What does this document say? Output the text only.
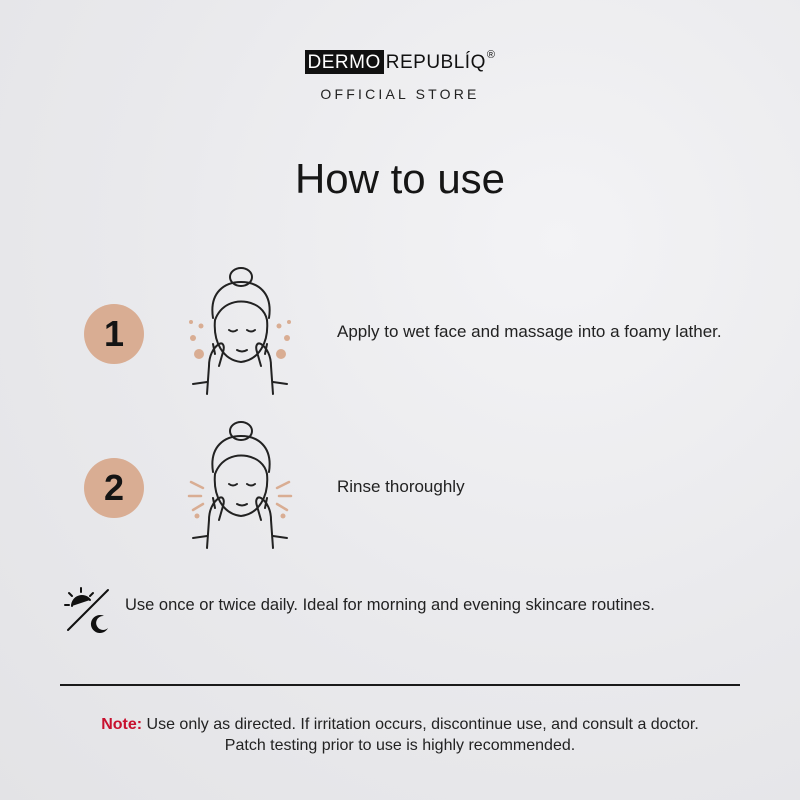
DERMO REPUBLÍQ ®
OFFICIAL STORE
How to use
1	Apply to wet face and massage into a foamy lather.
2	Rinse thoroughly
Use once or twice daily. Ideal for morning and evening skincare routines.
Note: Use only as directed. If irritation occurs, discontinue use, and consult a doctor.
Patch testing prior to use is highly recommended.
